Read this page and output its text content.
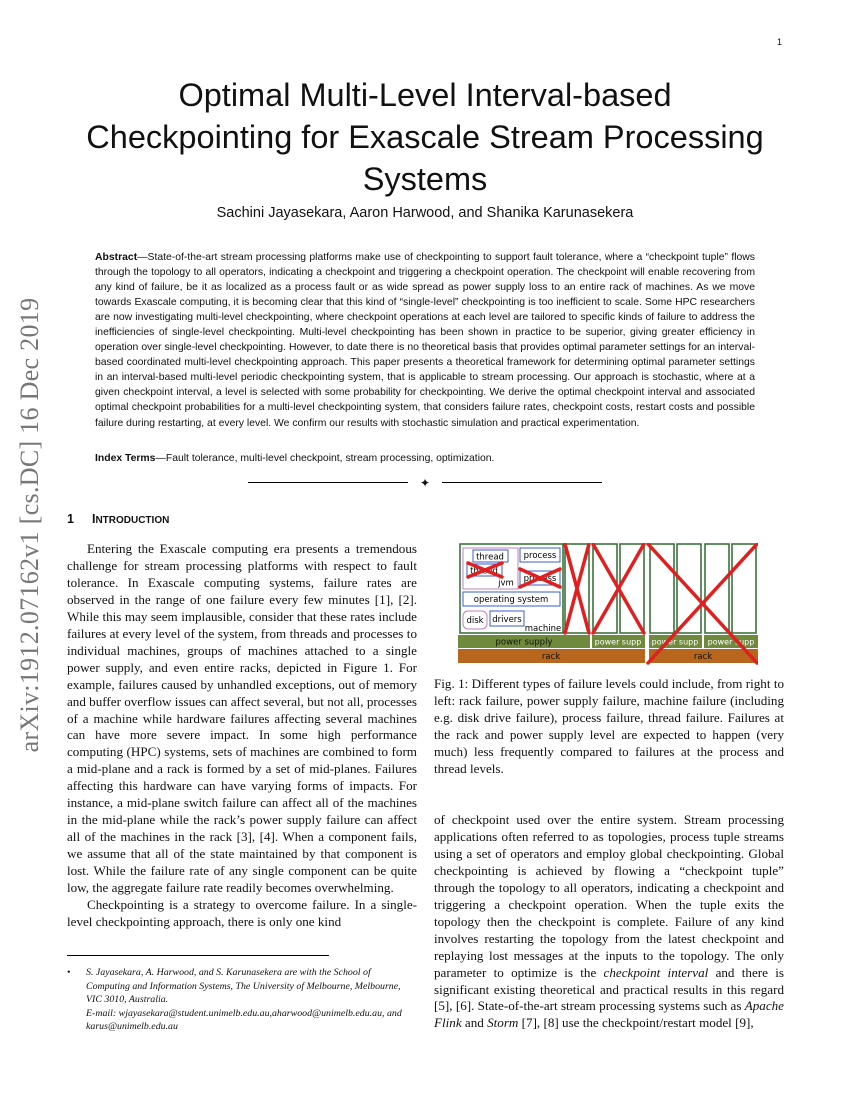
1
arXiv:1912.07162v1 [cs.DC] 16 Dec 2019
Optimal Multi-Level Interval-based
Checkpointing for Exascale Stream Processing
Systems
Sachini Jayasekara, Aaron Harwood, and Shanika Karunasekera
Abstract—State-of-the-art stream processing platforms make use of checkpointing to support fault tolerance, where a “checkpoint tuple” flows through the topology to all operators, indicating a checkpoint and triggering a checkpoint operation. The checkpoint will enable recovering from any kind of failure, be it as localized as a process fault or as wide spread as power supply loss to an entire rack of machines. As we move towards Exascale computing, it is becoming clear that this kind of “single-level” checkpointing is too inefficient to scale. Some HPC researchers are now investigating multi-level checkpointing, where checkpoint operations at each level are tailored to specific kinds of failure to address the inefficiencies of single-level checkpointing. Multi-level checkpointing has been shown in practice to be superior, giving greater efficiency in operation over single-level checkpointing. However, to date there is no theoretical basis that provides optimal parameter settings for an interval-based coordinated multi-level checkpointing approach. This paper presents a theoretical framework for determining optimal parameter settings in an interval-based multi-level periodic checkpointing system, that is applicable to stream processing. Our approach is stochastic, where at a given checkpoint interval, a level is selected with some probability for checkpointing. We derive the optimal checkpoint interval and associated optimal checkpoint probabilities for a multi-level checkpointing system, that considers failure rates, checkpoint costs, restart costs and possible failure during restarting, at every level. We confirm our results with stochastic simulation and practical experimentation.
Index Terms—Fault tolerance, multi-level checkpoint, stream processing, optimization.
✦
1 INTRODUCTION

Entering the Exascale computing era presents a tremendous challenge for stream processing platforms with respect to fault tolerance. In Exascale computing systems, failure rates are observed in the range of one failure every few minutes [1], [2]. While this may seem implausible, consider that these rates include failures at every level of the system, from threads and processes to individual machines, groups of machines attached to a single power supply, and even entire racks, depicted in Figure 1. For example, failures caused by unhandled exceptions, out of memory and buffer overflow issues can affect several, but not all, processes of a machine while hardware failures affecting several machines can have more severe impact. In some high performance computing (HPC) systems, sets of machines are combined to form a mid-plane and a rack is formed by a set of mid-planes. Failures affecting this hardware can have varying forms of impacts. For instance, a mid-plane switch failure can affect all of the machines in the mid-plane while the rack’s power supply failure can affect all of the machines in the rack [3], [4]. When a component fails, we assume that all of the state maintained by that component is lost. While the failure rate of any single component can be quite low, the aggregate failure rate readily becomes overwhelming.

Checkpointing is a strategy to overcome failure. In a single-level checkpointing approach, there is only one kind

thread
thread
jvm
process
process
operating system
disk drivers
machine
power supply	power supp power supp power supp
rack	rack
Fig. 1: Different types of failure levels could include, from right to left: rack failure, power supply failure, machine failure (including e.g. disk drive failure), process failure, thread failure. Failures at the rack and power supply level are expected to happen (very much) less frequently compared to failures at the process and thread levels.

of checkpoint used over the entire system. Stream processing applications often referred to as topologies, process tuple streams using a set of operators and employ global checkpointing. Global checkpointing is achieved by flowing a “checkpoint tuple” through the topology to all operators, indicating a checkpoint and triggering a checkpoint operation. When the tuple exits the topology then the checkpoint is complete. Failure of any kind involves restarting the topology from the latest checkpoint and replaying lost messages at the inputs to the topology. The only parameter to optimize is the checkpoint interval and there is significant existing theoretical and practical results in this regard [5], [6]. State-of-the-art stream processing systems such as Apache Flink and Storm [7], [8] use the checkpoint/restart model [9],

• S. Jayasekara, A. Harwood, and S. Karunasekera are with the School of Computing and Information Systems, The University of Melbourne, Melbourne, VIC 3010, Australia.
E-mail: wjayasekara@student.unimelb.edu.au,aharwood@unimelb.edu.au, and karus@unimelb.edu.au
